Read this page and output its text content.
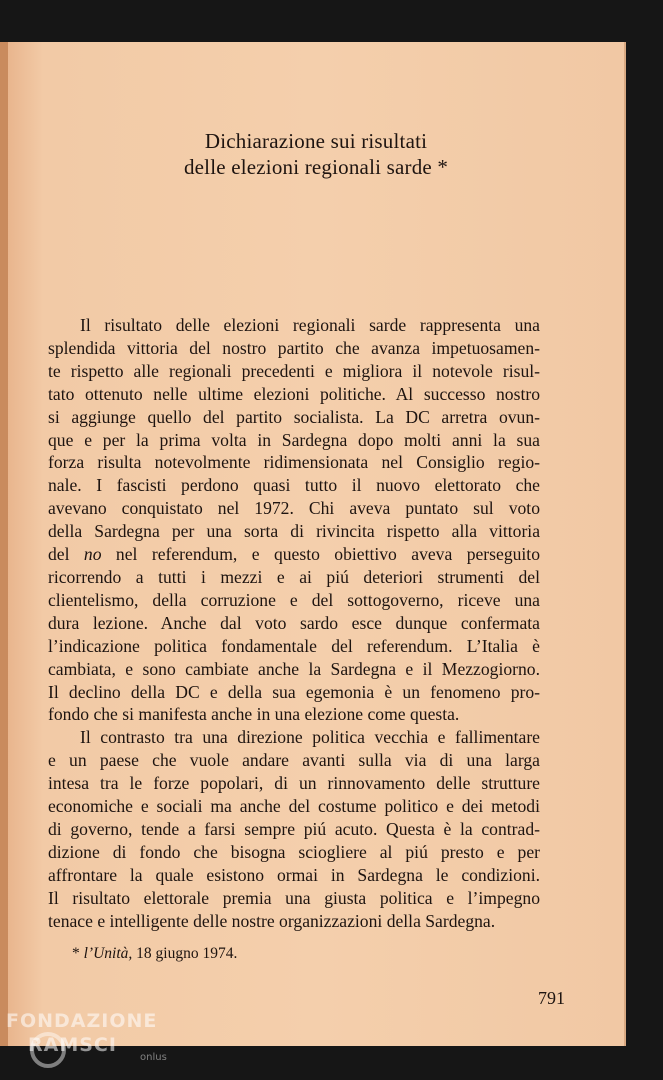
Dichiarazione sui risultati
delle elezioni regionali sarde *

Il risultato delle elezioni regionali sarde rappresenta una
splendida vittoria del nostro partito che avanza impetuosamen-
te rispetto alle regionali precedenti e migliora il notevole risul-
tato ottenuto nelle ultime elezioni politiche. Al successo nostro
si aggiunge quello del partito socialista. La DC arretra ovun-
que e per la prima volta in Sardegna dopo molti anni la sua
forza risulta notevolmente ridimensionata nel Consiglio regio-
nale. I fascisti perdono quasi tutto il nuovo elettorato che
avevano conquistato nel 1972. Chi aveva puntato sul voto
della Sardegna per una sorta di rivincita rispetto alla vittoria
del no nel referendum, e questo obiettivo aveva perseguito
ricorrendo a tutti i mezzi e ai piú deteriori strumenti del
clientelismo, della corruzione e del sottogoverno, riceve una
dura lezione. Anche dal voto sardo esce dunque confermata
l’indicazione politica fondamentale del referendum. L’Italia è
cambiata, e sono cambiate anche la Sardegna e il Mezzogiorno.
Il declino della DC e della sua egemonia è un fenomeno pro-
fondo che si manifesta anche in una elezione come questa.

Il contrasto tra una direzione politica vecchia e fallimentare
e un paese che vuole andare avanti sulla via di una larga
intesa tra le forze popolari, di un rinnovamento delle strutture
economiche e sociali ma anche del costume politico e dei metodi
di governo, tende a farsi sempre piú acuto. Questa è la contrad-
dizione di fondo che bisogna sciogliere al piú presto e per
affrontare la quale esistono ormai in Sardegna le condizioni.
Il risultato elettorale premia una giusta politica e l’impegno
tenace e intelligente delle nostre organizzazioni della Sardegna.

* l’Unità, 18 giugno 1974.
791
FONDAZIONE
RAMSCI
onlus
